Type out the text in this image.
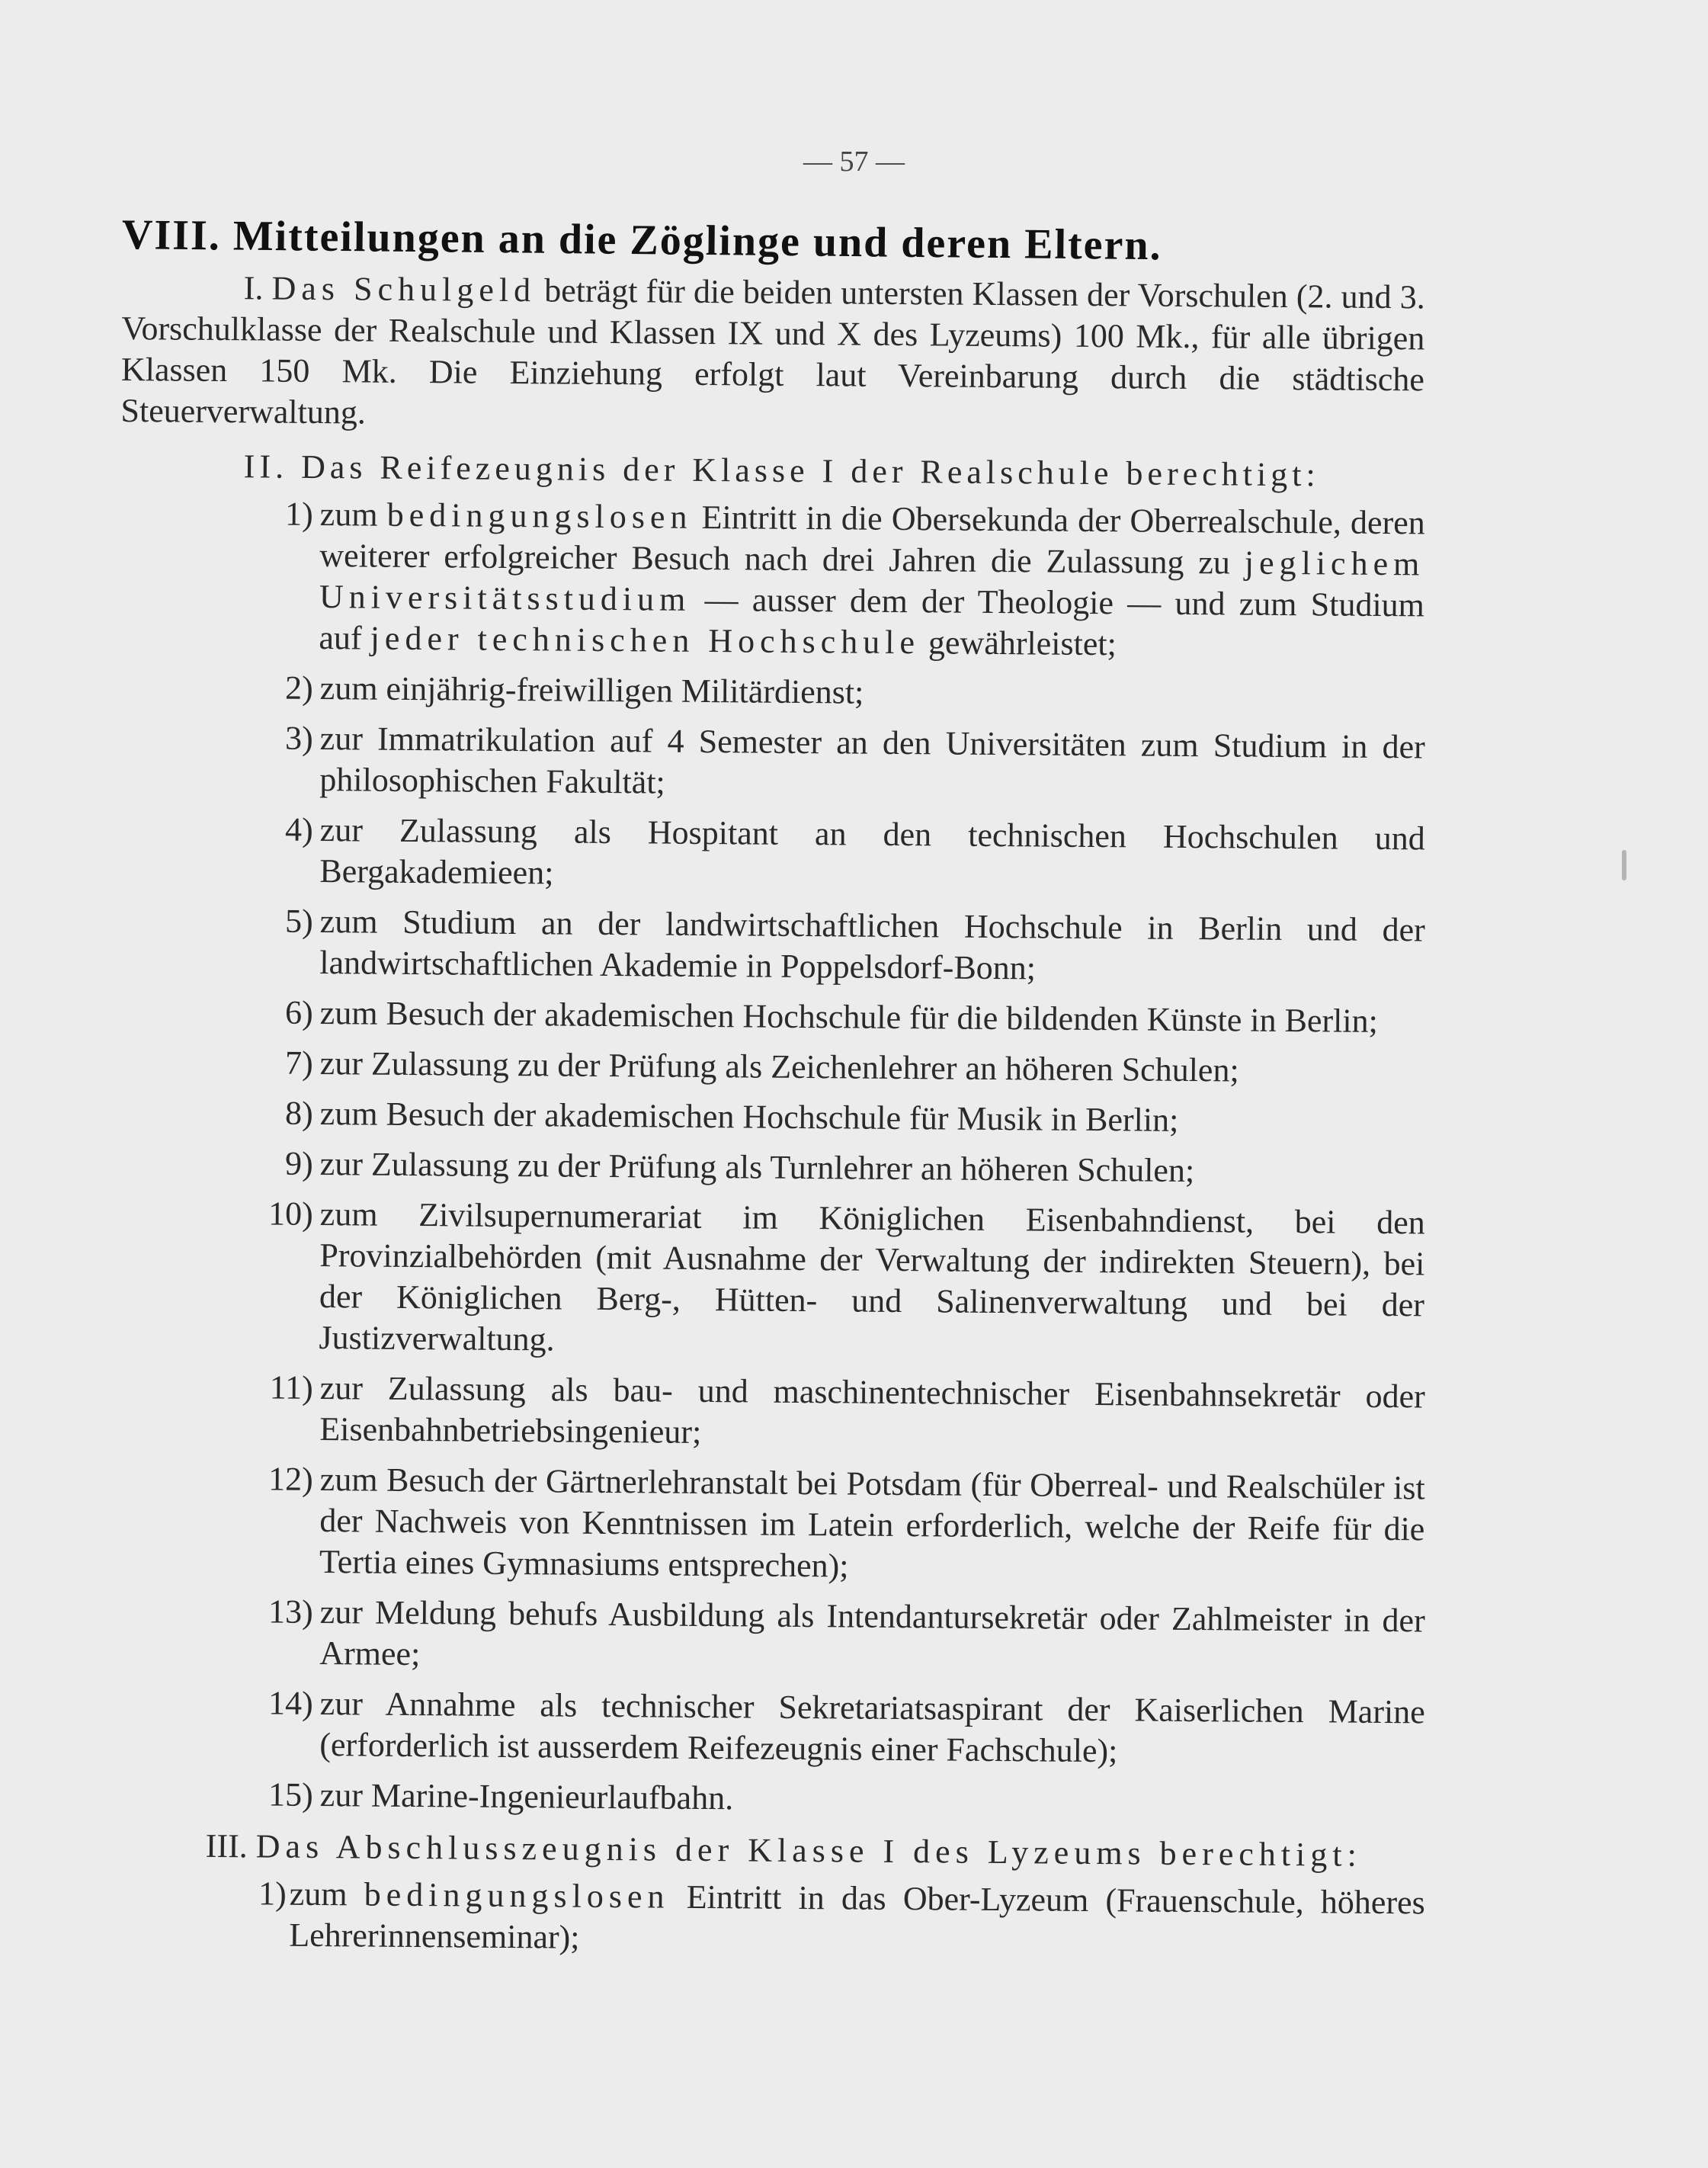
— 57 —
VIII. Mitteilungen an die Zöglinge und deren Eltern.

I. Das Schulgeld beträgt für die beiden untersten Klassen der Vorschulen (2. und 3. Vorschulklasse der Realschule und Klassen IX und X des Lyzeums) 100 Mk., für alle übrigen Klassen 150 Mk. Die Einziehung erfolgt laut Vereinbarung durch die städtische Steuerverwaltung.

II. Das Reifezeugnis der Klasse I der Realschule berechtigt:

1) zum bedingungslosen Eintritt in die Obersekunda der Oberrealschule, deren weiterer erfolgreicher Besuch nach drei Jahren die Zulassung zu jeglichem Universitätsstudium — ausser dem der Theologie — und zum Studium auf jeder technischen Hochschule gewährleistet;
2) zum einjährig-freiwilligen Militärdienst;
3) zur Immatrikulation auf 4 Semester an den Universitäten zum Studium in der philosophischen Fakultät;
4) zur Zulassung als Hospitant an den technischen Hochschulen und Bergakademieen;
5) zum Studium an der landwirtschaftlichen Hochschule in Berlin und der landwirtschaftlichen Akademie in Poppelsdorf-Bonn;
6) zum Besuch der akademischen Hochschule für die bildenden Künste in Berlin;
7) zur Zulassung zu der Prüfung als Zeichenlehrer an höheren Schulen;
8) zum Besuch der akademischen Hochschule für Musik in Berlin;
9) zur Zulassung zu der Prüfung als Turnlehrer an höheren Schulen;
10) zum Zivilsupernumerariat im Königlichen Eisenbahndienst, bei den Provinzialbehörden (mit Ausnahme der Verwaltung der indirekten Steuern), bei der Königlichen Berg-, Hütten- und Salinenverwaltung und bei der Justizverwaltung.
11) zur Zulassung als bau- und maschinentechnischer Eisenbahnsekretär oder Eisenbahnbetriebsingenieur;
12) zum Besuch der Gärtnerlehranstalt bei Potsdam (für Oberreal- und Realschüler ist der Nachweis von Kenntnissen im Latein erforderlich, welche der Reife für die Tertia eines Gymnasiums entsprechen);
13) zur Meldung behufs Ausbildung als Intendantursekretär oder Zahlmeister in der Armee;
14) zur Annahme als technischer Sekretariatsaspirant der Kaiserlichen Marine (erforderlich ist ausserdem Reifezeugnis einer Fachschule);
15) zur Marine-Ingenieurlaufbahn.

III. Das Abschlusszeugnis der Klasse I des Lyzeums berechtigt:

1) zum bedingungslosen Eintritt in das Ober-Lyzeum (Frauenschule, höheres Lehrerinnenseminar);
